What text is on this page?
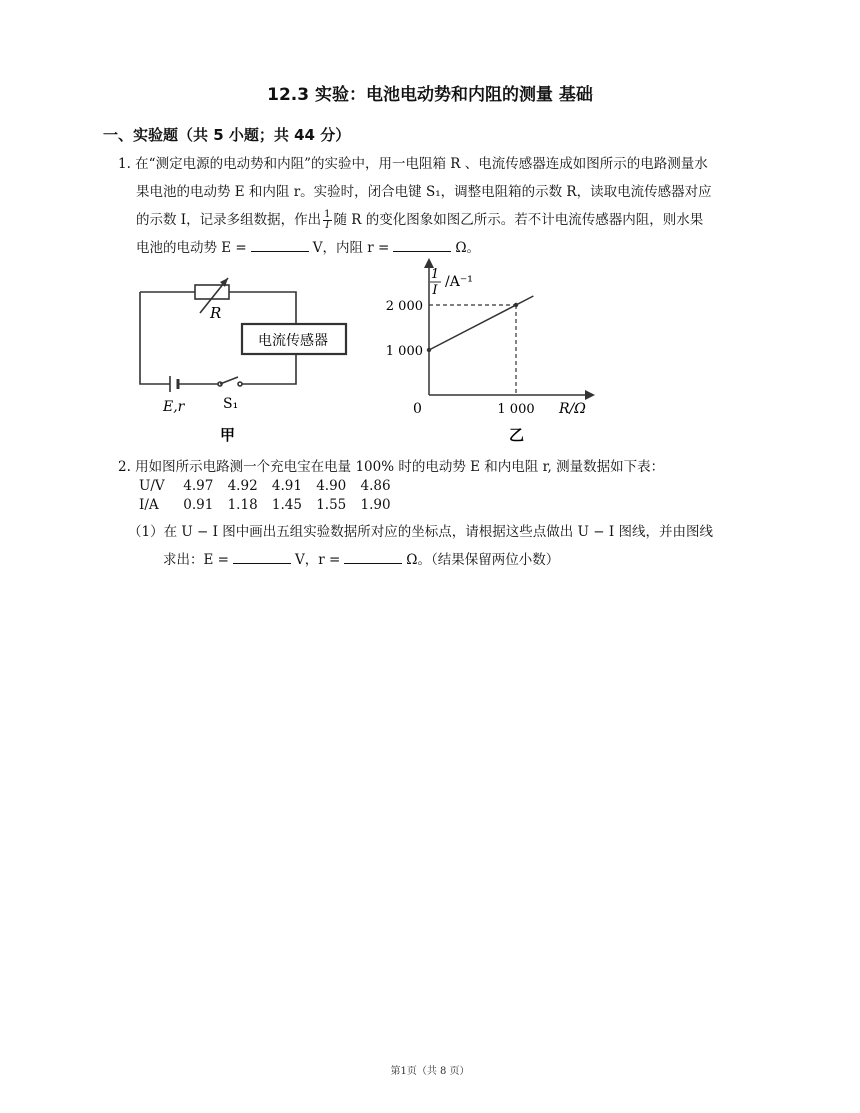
12.3 实验：电池电动势和内阻的测量 基础
一、实验题（共 5 小题；共 44 分）
1. 在“测定电源的电动势和内阻”的实验中，用一电阻箱 R 、电流传感器连成如图所示的电路测量水
果电池的电动势 E 和内阻 r。实验时，闭合电键 S₁，调整电阻箱的示数 R，读取电流传感器对应
的示数 I，记录多组数据，作出 $\frac{1}{I}$ 随 R 的变化图象如图乙所示。若不计电流传感器内阻，则水果
电池的电动势 E =	V，内阻 r =	Ω。
R
电流传感器
E,r	S₁
甲
1 000
2 000
1 000
1
I
/A⁻¹
R/Ω
0
乙
2. 用如图所示电路测一个充电宝在电量 100% 时的电动势 E 和内电阻 r, 测量数据如下表：
U/V 4.97 4.92 4.91 4.90 4.86
I/A 0.91 1.18 1.45 1.55 1.90
（1）在 U − I 图中画出五组实验数据所对应的坐标点，请根据这些点做出 U − I 图线，并由图线
求出：E =	V，r =	Ω。（结果保留两位小数）
第1页（共 8 页）
